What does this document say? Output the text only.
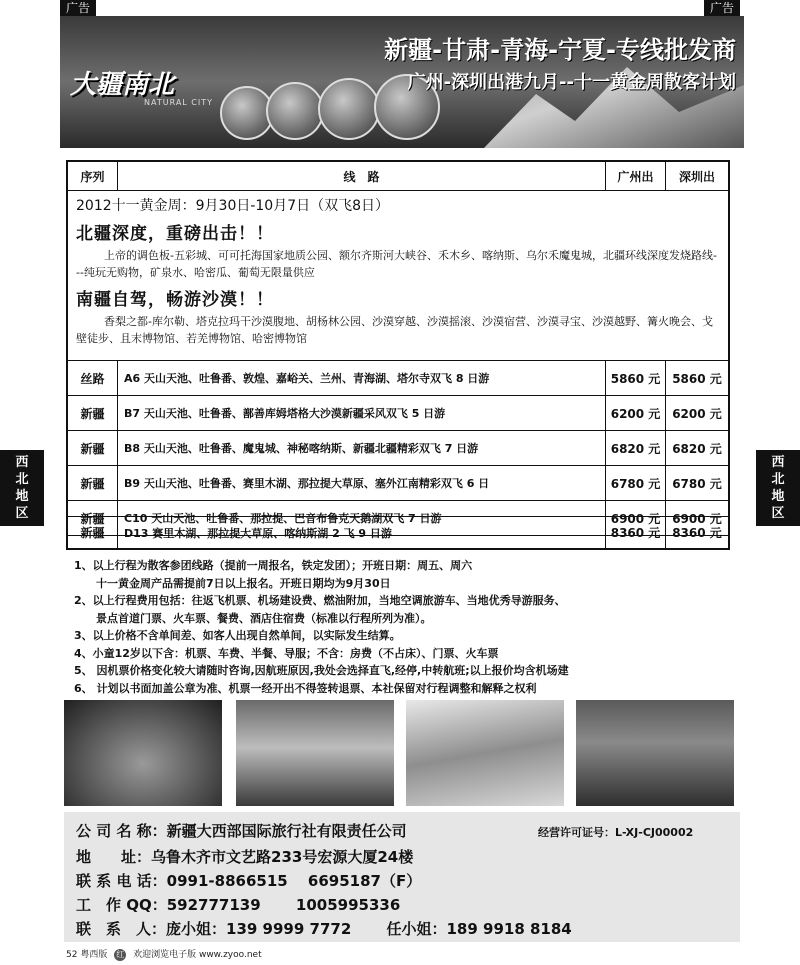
广告	广告
大疆南北
NATURAL CITY
新疆-甘肃-青海-宁夏-专线批发商
广州-深圳出港九月--十一黄金周散客计划
西
北
地
区
西
北
地
区
序列	线　路	广州出	深圳出
2012十一黄金周：9月30日-10月7日（双飞8日）
北疆深度，重磅出击！！
上帝的调色板-五彩城、可可托海国家地质公园、额尔齐斯河大峡谷、禾木乡、喀纳斯、乌尔禾魔鬼城，北疆环线深度发烧路线---纯玩无购物，矿泉水、哈密瓜、葡萄无限量供应
南疆自驾，畅游沙漠！！
香梨之都-库尔勒、塔克拉玛干沙漠腹地、胡杨林公园、沙漠穿越、沙漠摇滚、沙漠宿营、沙漠寻宝、沙漠越野、篝火晚会、戈壁徒步、且末博物馆、若羌博物馆、哈密博物馆
丝路	A6 天山天池、吐鲁番、敦煌、嘉峪关、兰州、青海湖、塔尔寺双飞 8 日游	5860 元 5860 元
新疆	B7 天山天池、吐鲁番、鄯善库姆塔格大沙漠新疆采风双飞 5 日游	6200 元 6200 元
新疆	B8 天山天池、吐鲁番、魔鬼城、神秘喀纳斯、新疆北疆精彩双飞 7 日游	6820 元 6820 元
新疆	B9 天山天池、吐鲁番、赛里木湖、那拉提大草原、塞外江南精彩双飞 6 日	6780 元 6780 元
新疆	C10 天山天池、吐鲁番、那拉提、巴音布鲁克天鹅湖双飞 7 日游	6900 元 6900 元
新疆	D13 赛里木湖、那拉提大草原、喀纳斯湖 2 飞 9 日游	8360 元 8360 元
1、以上行程为散客参团线路（提前一周报名，铁定发团）；开班日期：周五、周六
十一黄金周产品需提前7日以上报名。开班日期均为9月30日
2、以上行程费用包括：往返飞机票、机场建设费、燃油附加，当地空调旅游车、当地优秀导游服务、
景点首道门票、火车票、餐费、酒店住宿费（标准以行程所列为准）。
3、以上价格不含单间差、如客人出现自然单间，以实际发生结算。
4、小童12岁以下含：机票、车费、半餐、导服；不含：房费（不占床）、门票、火车票
5、 因机票价格变化较大请随时咨询,因航班原因,我处会选择直飞,经停,中转航班;以上报价均含机场建
6、 计划以书面加盖公章为准、机票一经开出不得签转退票、本社保留对行程调整和解释之权利
公 司 名 称：新疆大西部国际旅行社有限责任公司	经营许可证号：L-XJ-CJ00002
地　　址：乌鲁木齐市文艺路233号宏源大厦24楼
联 系 电 话：0991-8866515　 6695187（F）
工　作 QQ：592777139　　 1005995336
联　系　人：庞小姐：139 9999 7772　　 任小姐：189 9918 8184
52 粤西版 红 欢迎浏览电子版 www.zyoo.net
